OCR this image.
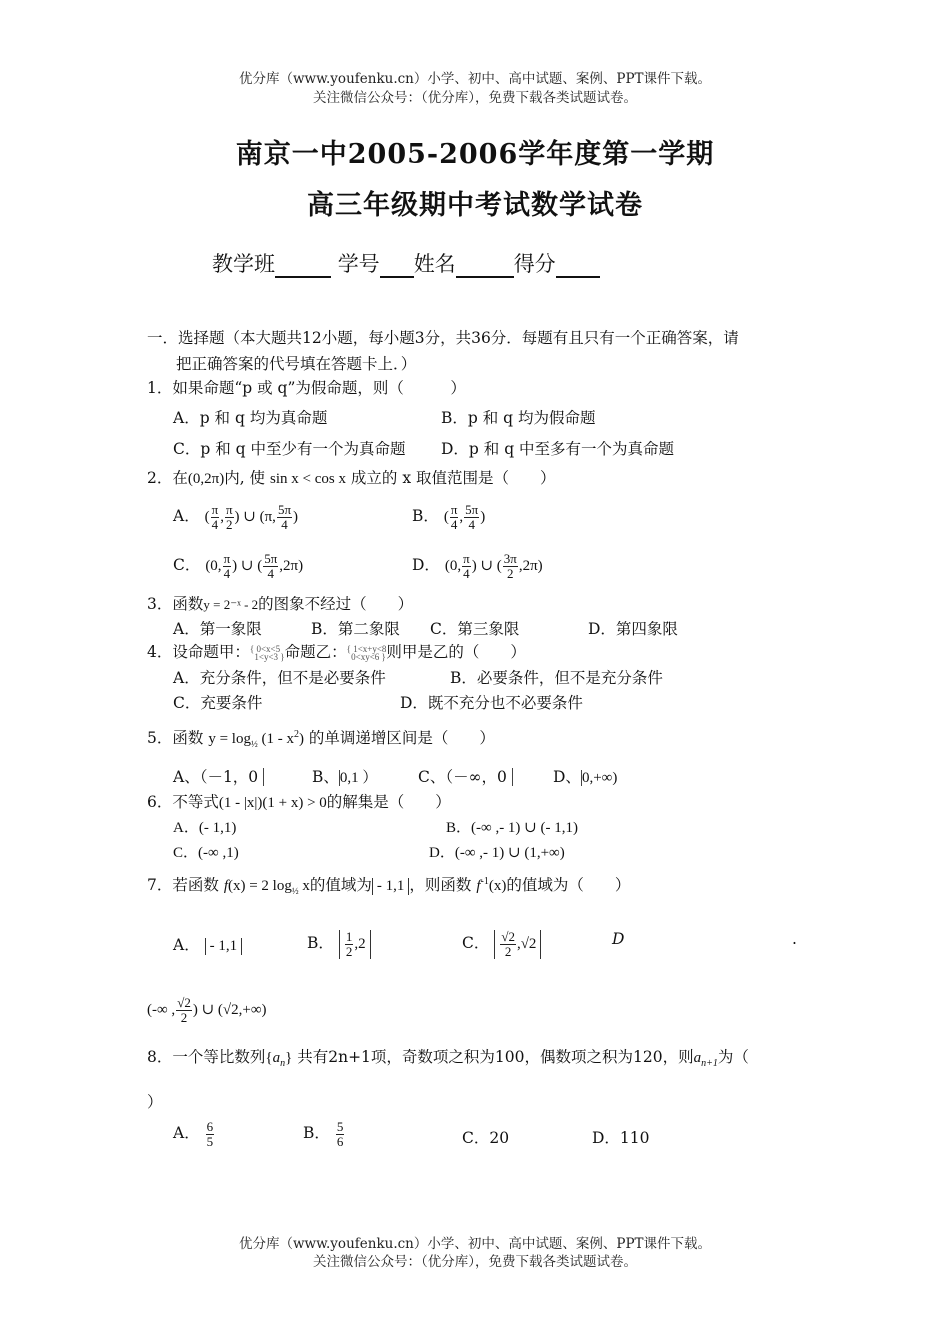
优分库（www.youfenku.cn）小学、初中、高中试题、案例、PPT课件下载。
关注微信公众号：（优分库），免费下载各类试题试卷。
南京一中2005-2006学年度第一学期
高三年级期中考试数学试卷
教学班	学号 姓名	得分
一．选择题（本大题共12小题，每小题3分，共36分．每题有且只有一个正确答案，请
把正确答案的代号填在答题卡上．）
1．如果命题“p 或 q”为假命题，则（　　　）
A．p 和 q 均为真命题	B．p 和 q 均为假命题
C．p 和 q 中至少有一个为真命题 D．p 和 q 中至多有一个为真命题
2．在(0,2π)内, 使 sin x < cos x 成立的 x 取值范围是（　　）
A． ( $\frac{\pi}{4}$ , $\frac{\pi}{2}$ ) ∪ (π, $\frac{5\pi}{4}$ )	B． ( $\frac{\pi}{4}$ , $\frac{5\pi}{4}$ )
C． (0, $\frac{\pi}{4}$ ) ∪ ( $\frac{5\pi}{4} ,2\pi$)	D． (0, $\frac{\pi}{4}$ ) ∪ ( $\frac{3\pi}{2} ,2\pi$)
3．函数y = 2⁻ˣ - 2的图象不经过（　　）
A．第一象限	B．第二象限 C．第三象限	D．第四象限
4．设命题甲：{ 0<x<5
1<y<3 }命题乙：{ 1<x+y<8
0<xy<6 }则甲是乙的（　　）
A．充分条件，但不是必要条件	B．必要条件，但不是充分条件
C．充要条件	D．既不充分也不必要条件
5．函数 $y = \log_{\frac{1}{2}} (1 - x^2)$ 的单调递增区间是（　　）
A、（－1，0	B、0,1 ）	C、（－∞，0	D、0,+∞)
6．不等式(1 - |x|)(1 + x) > 0的解集是（　　）
A．(- 1,1)	B．(-∞ ,- 1) ∪ (- 1,1)
C．(-∞ ,1)	D．(-∞ ,- 1) ∪ (1,+∞)
7．若函数 f(x) = 2 $\log_{\frac{1}{2}} x$的值域为 - 1,1 ，则函数 $f^{-1}(x)$的值域为（　　）
A． - 1,1	B． $\frac{1}{2} ,2$	C． $\frac{√2}{2} ,√2$	D	.
(-∞ , $\frac{√2}{2}$ ) ∪ (√2,+∞)
8．一个等比数列$\{a_n\}$ 共有2n+1项，奇数项之积为100，偶数项之积为120，则$a_{n+1}$为（
）
A． $\frac{6}{5}$	B． $\frac{5}{6}$	C．20	D．110
优分库（www.youfenku.cn）小学、初中、高中试题、案例、PPT课件下载。
关注微信公众号：（优分库），免费下载各类试题试卷。
